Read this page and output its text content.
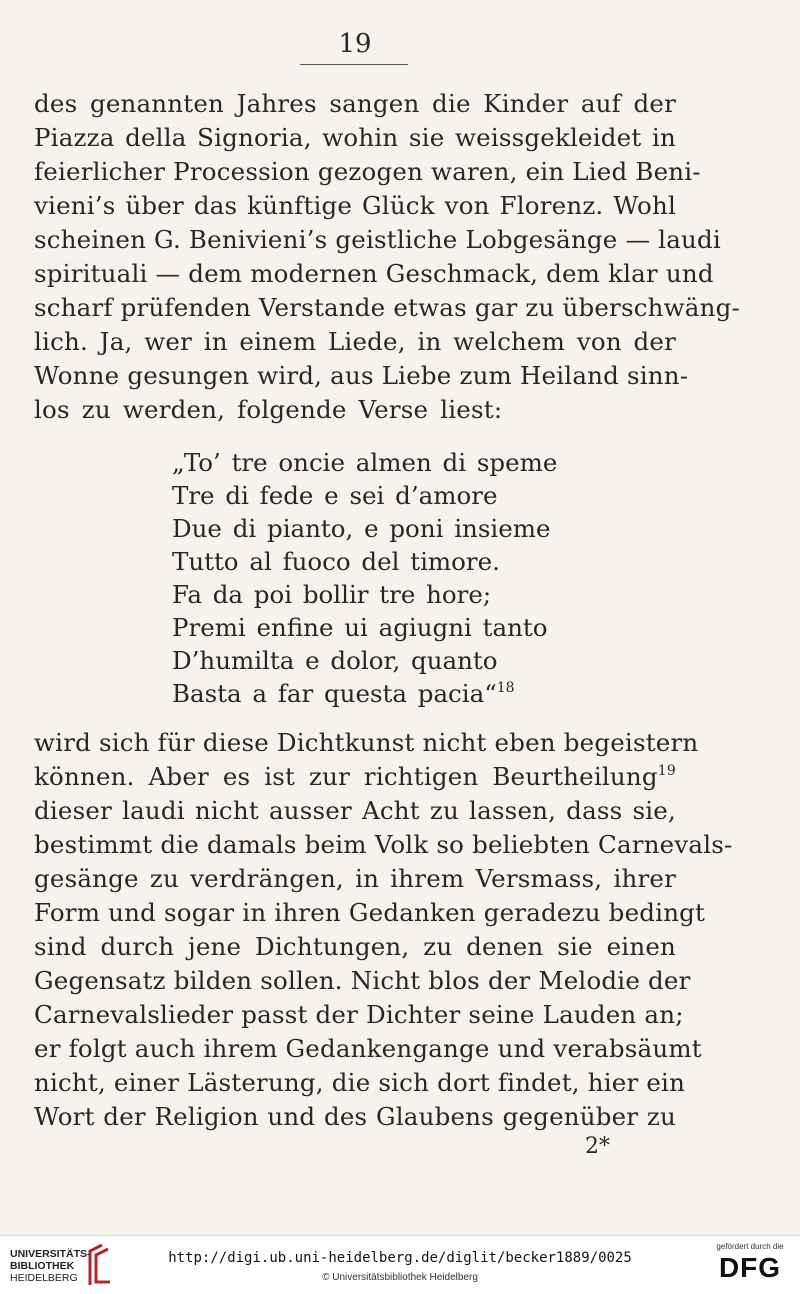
19
des genannten Jahres sangen die Kinder auf der
Piazza della Signoria, wohin sie weissgekleidet in
feierlicher Procession gezogen waren, ein Lied Beni-
vieni’s über das künftige Glück von Florenz. Wohl
scheinen G. Benivieni’s geistliche Lobgesänge — laudi
spirituali — dem modernen Geschmack, dem klar und
scharf prüfenden Verstande etwas gar zu überschwäng-
lich. Ja, wer in einem Liede, in welchem von der
Wonne gesungen wird, aus Liebe zum Heiland sinn-
los zu werden, folgende Verse liest:
„To’ tre oncie almen di speme
Tre di fede e sei d’amore
Due di pianto, e poni insieme
Tutto al fuoco del timore.
Fa da poi bollir tre hore;
Premi enfine ui agiugni tanto
D’humilta e dolor, quanto
Basta a far questa pacia“$^{18}$
wird sich für diese Dichtkunst nicht eben begeistern
können. Aber es ist zur richtigen Beurtheilung$^{19}$
dieser laudi nicht ausser Acht zu lassen, dass sie,
bestimmt die damals beim Volk so beliebten Carnevals-
gesänge zu verdrängen, in ihrem Versmass, ihrer
Form und sogar in ihren Gedanken geradezu bedingt
sind durch jene Dichtungen, zu denen sie einen
Gegensatz bilden sollen. Nicht blos der Melodie der
Carnevalslieder passt der Dichter seine Lauden an;
er folgt auch ihrem Gedankengange und verabsäumt
nicht, einer Lästerung, die sich dort findet, hier ein
Wort der Religion und des Glaubens gegenüber zu
2*
UNIVERSITÄTS-
BIBLIOTHEK
HEIDELBERG
http://digi.ub.uni-heidelberg.de/diglit/becker1889/0025
© Universitätsbibliothek Heidelberg
gefördert durch die
DFG
